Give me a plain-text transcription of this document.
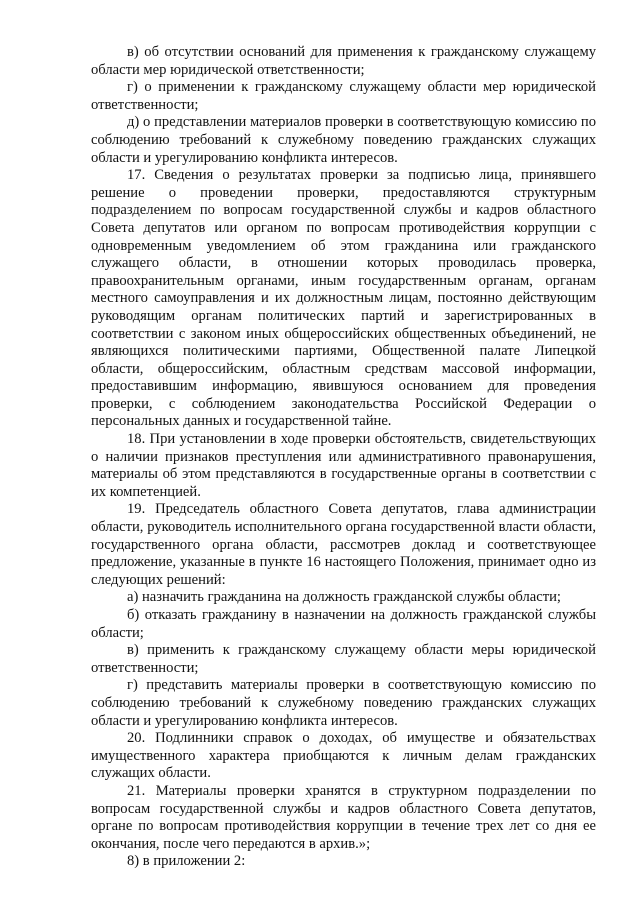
в) об отсутствии оснований для применения к гражданскому служащему области мер юридической ответственности;

г) о применении к гражданскому служащему области мер юридической ответственности;

д) о представлении материалов проверки в соответствующую комиссию по соблюдению требований к служебному поведению гражданских служащих области и урегулированию конфликта интересов.

17. Сведения о результатах проверки за подписью лица, принявшего решение о проведении проверки, предоставляются структурным подразделением по вопросам государственной службы и кадров областного Совета депутатов или органом по вопросам противодействия коррупции с одновременным уведомлением об этом гражданина или гражданского служащего области, в отношении которых проводилась проверка, правоохранительным органами, иным государственным органам, органам местного самоуправления и их должностным лицам, постоянно действующим руководящим органам политических партий и зарегистрированных в соответствии с законом иных общероссийских общественных объединений, не являющихся политическими партиями, Общественной палате Липецкой области, общероссийским, областным средствам массовой информации, предоставившим информацию, явившуюся основанием для проведения проверки, с соблюдением законодательства Российской Федерации о персональных данных и государственной тайне.

18. При установлении в ходе проверки обстоятельств, свидетельствующих о наличии признаков преступления или административного правонарушения, материалы об этом представляются в государственные органы в соответствии с их компетенцией.

19. Председатель областного Совета депутатов, глава администрации области, руководитель исполнительного органа государственной власти области, государственного органа области, рассмотрев доклад и соответствующее предложение, указанные в пункте 16 настоящего Положения, принимает одно из следующих решений:

а) назначить гражданина на должность гражданской службы области;

б) отказать гражданину в назначении на должность гражданской службы области;

в) применить к гражданскому служащему области меры юридической ответственности;

г) представить материалы проверки в соответствующую комиссию по соблюдению требований к служебному поведению гражданских служащих области и урегулированию конфликта интересов.

20. Подлинники справок о доходах, об имуществе и обязательствах имущественного характера приобщаются к личным делам гражданских служащих области.

21. Материалы проверки хранятся в структурном подразделении по вопросам государственной службы и кадров областного Совета депутатов, органе по вопросам противодействия коррупции в течение трех лет со дня ее окончания, после чего передаются в архив.»;

8) в приложении 2:
